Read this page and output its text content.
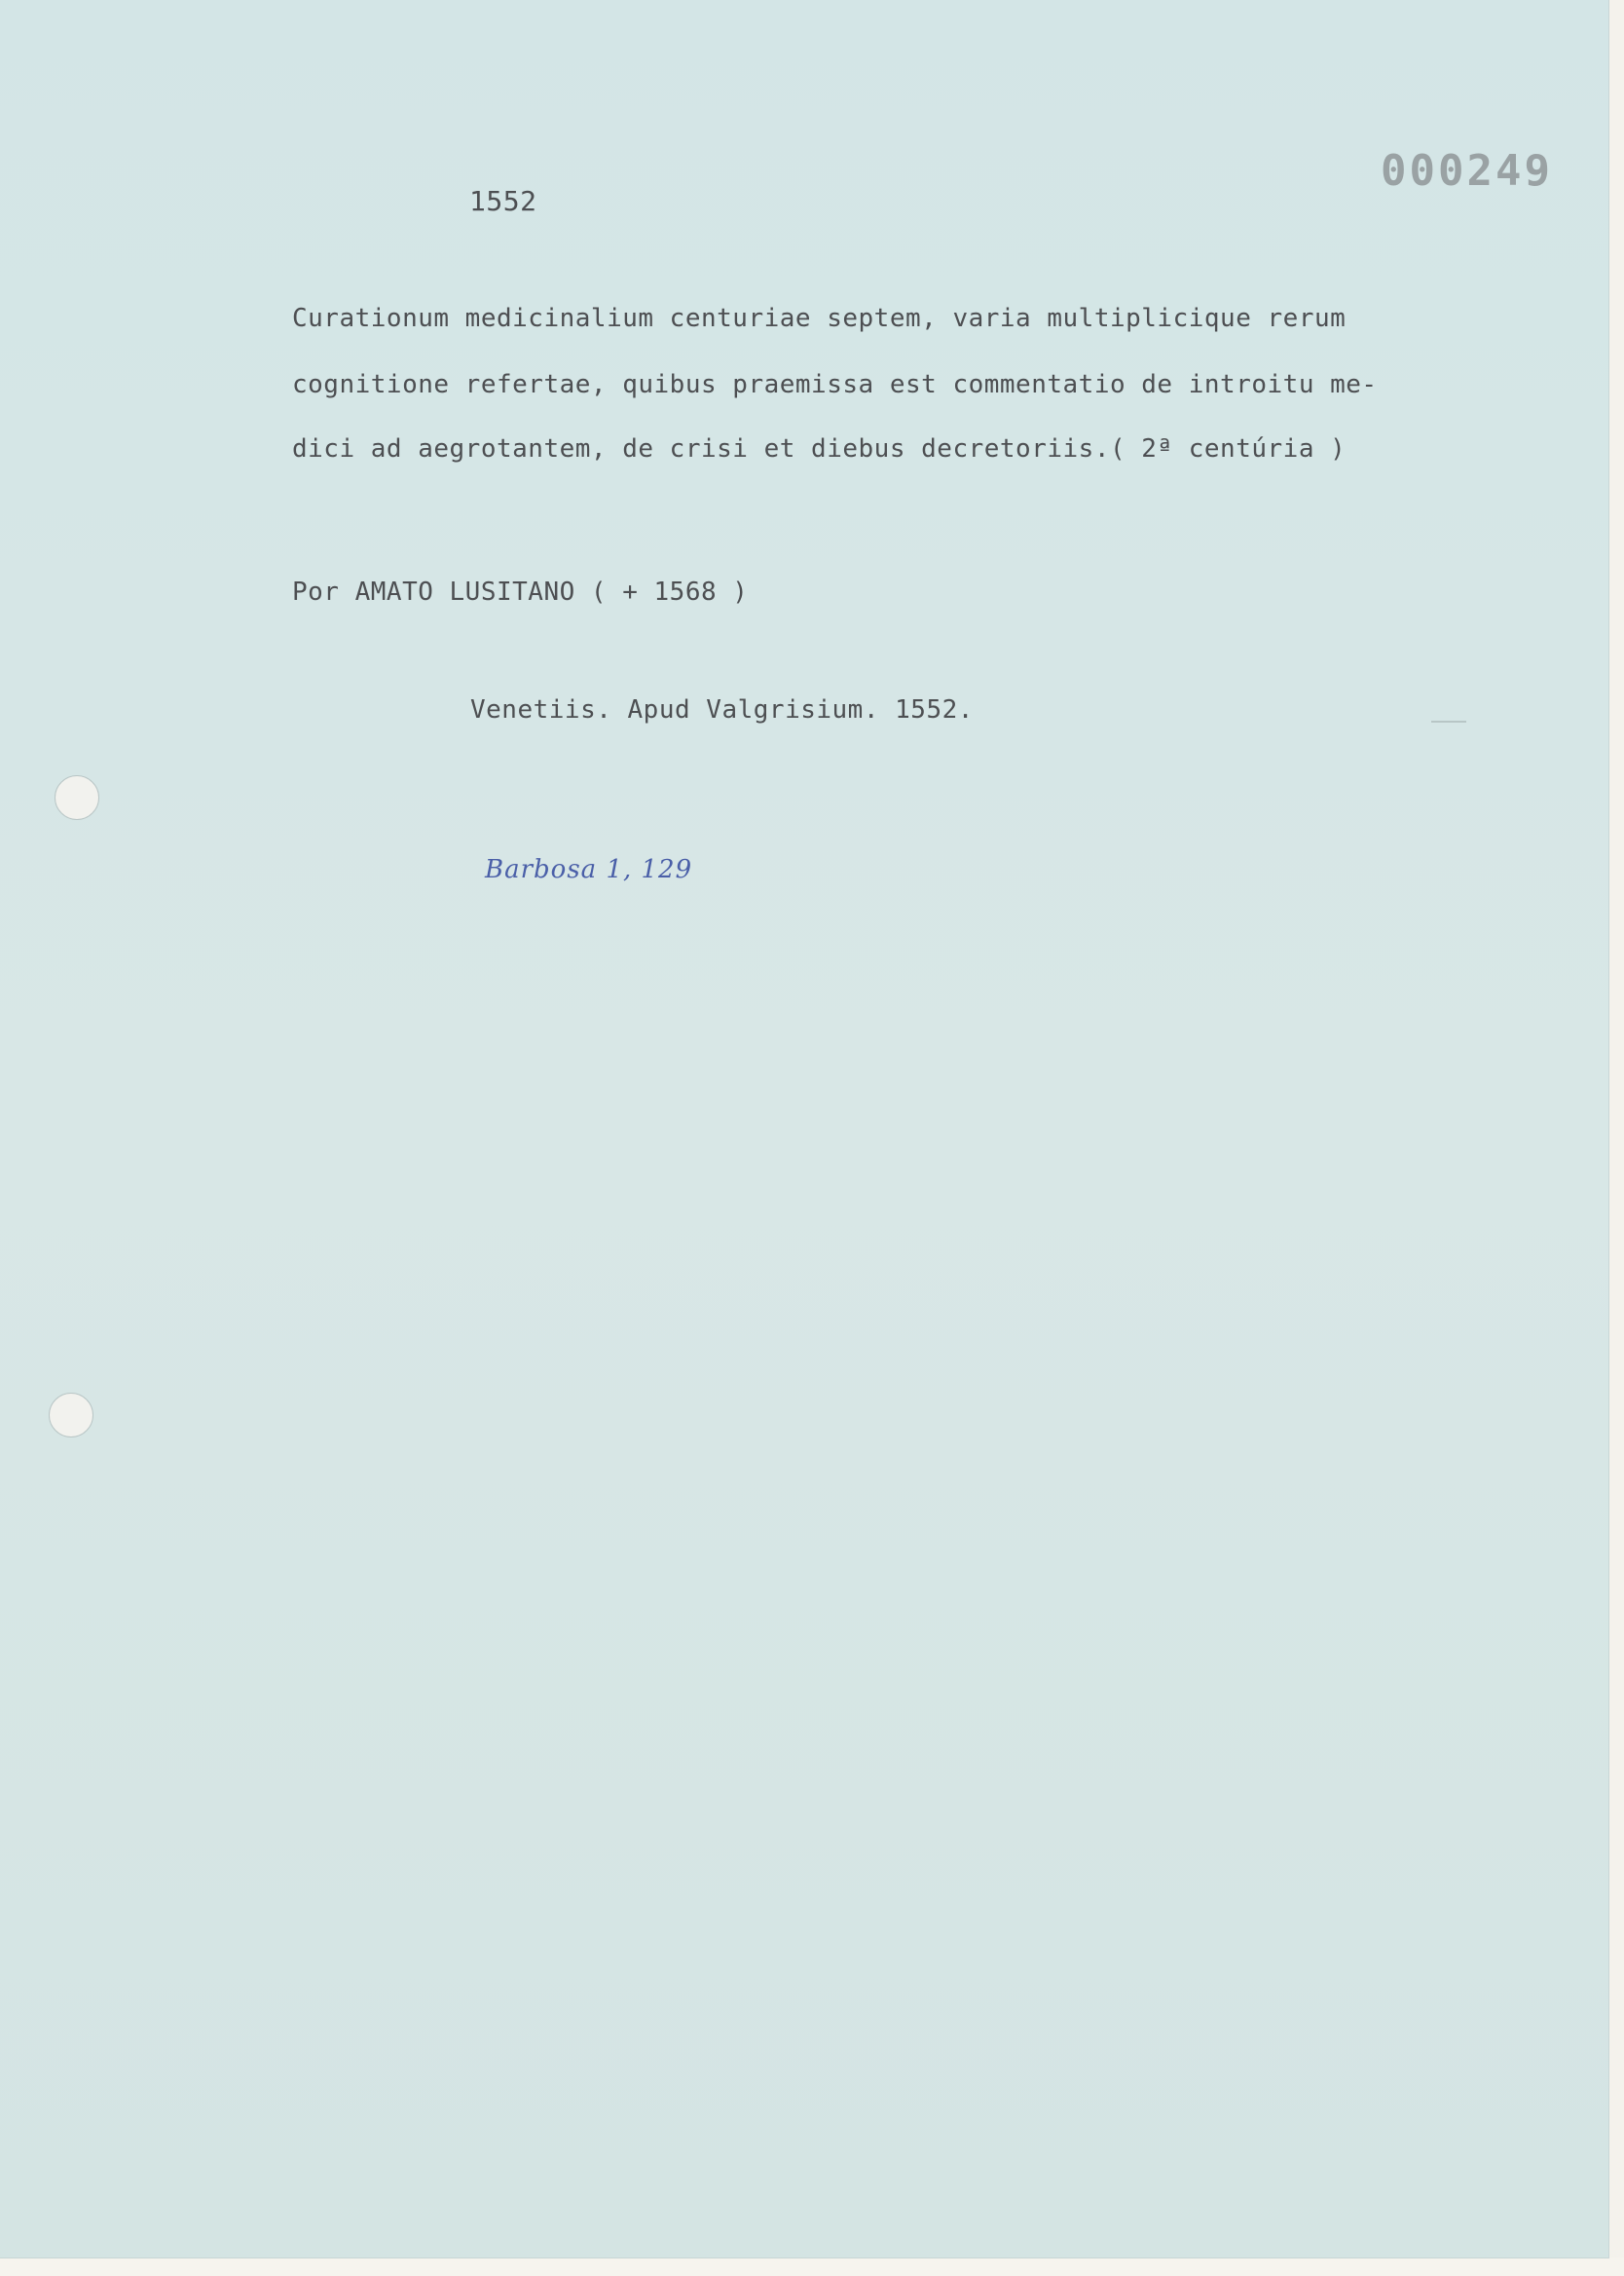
1552
000249
Curationum medicinalium centuriae septem, varia multiplicique rerum
cognitione refertae, quibus praemissa est commentatio de introitu me-
dici ad aegrotantem, de crisi et diebus decretoriis.( 2ª centúria )
Por AMATO LUSITANO ( + 1568 )
Venetiis. Apud Valgrisium. 1552.
Barbosa 1, 129
